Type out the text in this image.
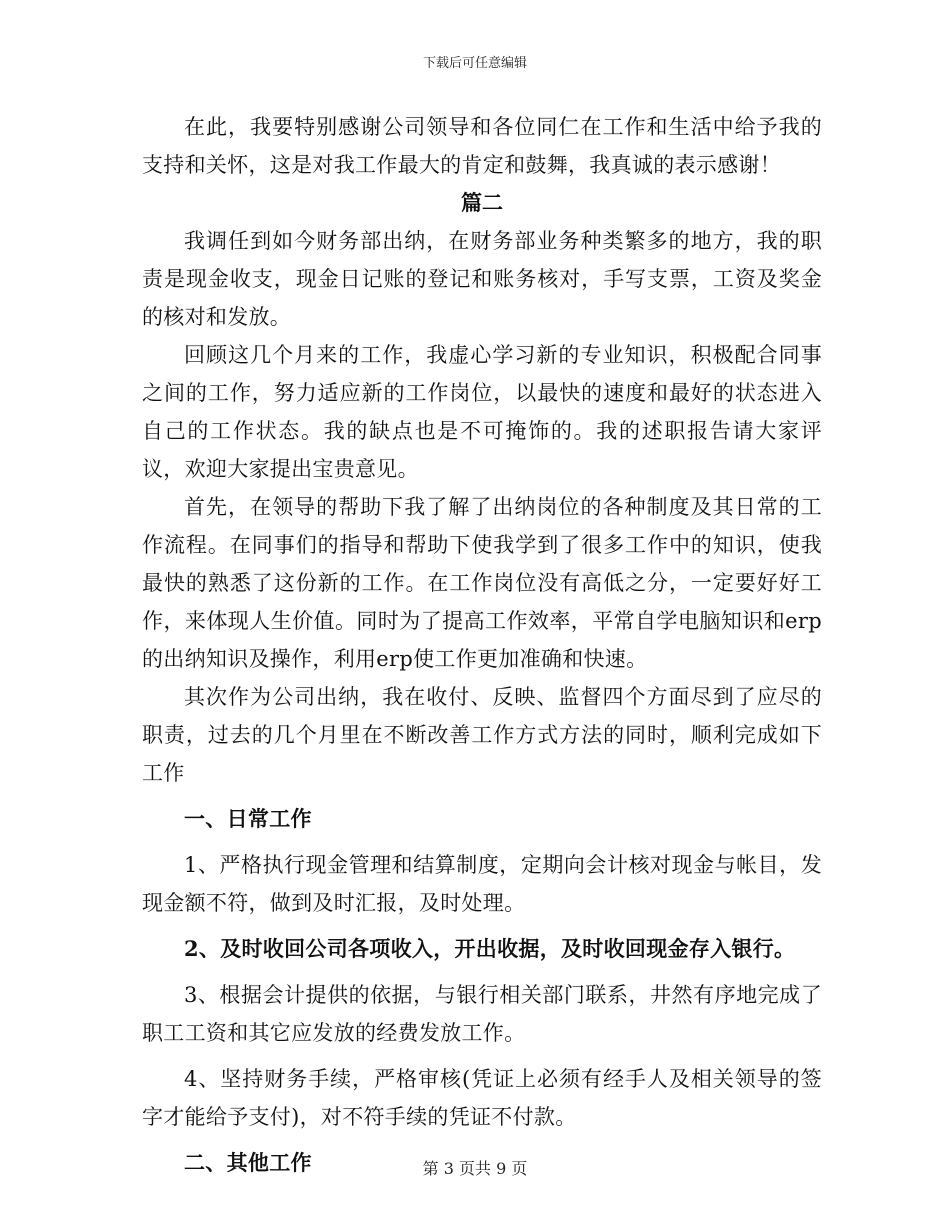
下载后可任意编辑

在此，我要特别感谢公司领导和各位同仁在工作和生活中给予我的支持和关怀，这是对我工作最大的肯定和鼓舞，我真诚的表示感谢！

篇二

我调任到如今财务部出纳，在财务部业务种类繁多的地方，我的职责是现金收支，现金日记账的登记和账务核对，手写支票，工资及奖金的核对和发放。

回顾这几个月来的工作，我虚心学习新的专业知识，积极配合同事之间的工作，努力适应新的工作岗位，以最快的速度和最好的状态进入自己的工作状态。我的缺点也是不可掩饰的。我的述职报告请大家评议，欢迎大家提出宝贵意见。

首先，在领导的帮助下我了解了出纳岗位的各种制度及其日常的工作流程。在同事们的指导和帮助下使我学到了很多工作中的知识，使我最快的熟悉了这份新的工作。在工作岗位没有高低之分，一定要好好工作，来体现人生价值。同时为了提高工作效率，平常自学电脑知识和erp的出纳知识及操作，利用erp使工作更加准确和快速。

其次作为公司出纳，我在收付、反映、监督四个方面尽到了应尽的职责，过去的几个月里在不断改善工作方式方法的同时，顺利完成如下工作

一、日常工作

1、严格执行现金管理和结算制度，定期向会计核对现金与帐目，发现金额不符，做到及时汇报，及时处理。

2、及时收回公司各项收入，开出收据，及时收回现金存入银行。

3、根据会计提供的依据，与银行相关部门联系，井然有序地完成了职工工资和其它应发放的经费发放工作。

4、坚持财务手续，严格审核(凭证上必须有经手人及相关领导的签字才能给予支付)，对不符手续的凭证不付款。

二、其他工作	第 3 页共 9 页
